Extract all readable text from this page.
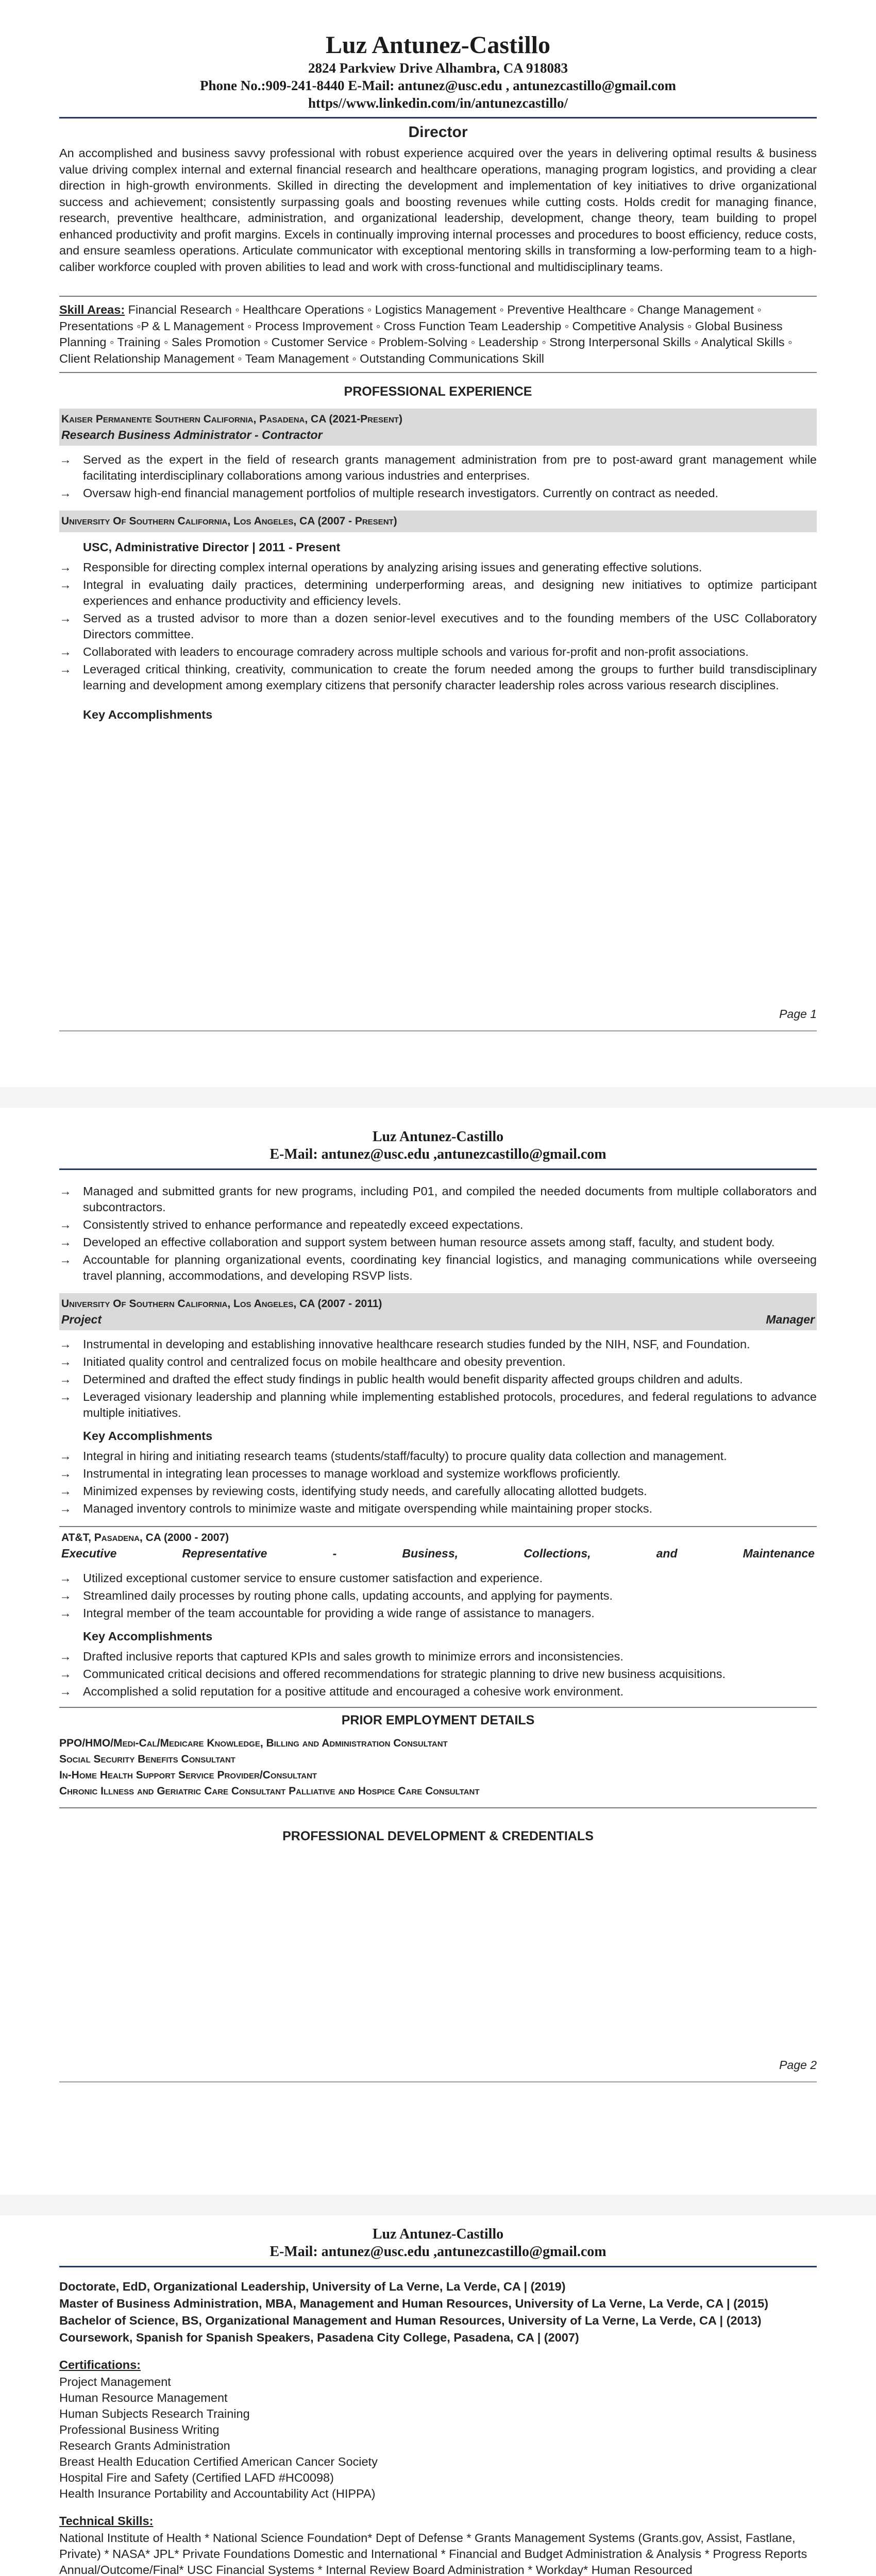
Luz Antunez-Castillo

2824 Parkview Drive Alhambra, CA 918083

Phone No.:909-241-8440 E-Mail: antunez@usc.edu , antunezcastillo@gmail.com

https//www.linkedin.com/in/antunezcastillo/

Director

An accomplished and business savvy professional with robust experience acquired over the years in delivering optimal results & business value driving complex internal and external financial research and healthcare operations, managing program logistics, and providing a clear direction in high-growth environments. Skilled in directing the development and implementation of key initiatives to drive organizational success and achievement; consistently surpassing goals and boosting revenues while cutting costs. Holds credit for managing finance, research, preventive healthcare, administration, and organizational leadership, development, change theory, team building to propel enhanced productivity and profit margins. Excels in continually improving internal processes and procedures to boost efficiency, reduce costs, and ensure seamless operations. Articulate communicator with exceptional mentoring skills in transforming a low-performing team to a high-caliber workforce coupled with proven abilities to lead and work with cross-functional and multidisciplinary teams.

Skill Areas: Financial Research ◦ Healthcare Operations ◦ Logistics Management ◦ Preventive Healthcare ◦ Change Management ◦ Presentations ◦P & L Management ◦ Process Improvement ◦ Cross Function Team Leadership ◦ Competitive Analysis ◦ Global Business Planning ◦ Training ◦ Sales Promotion ◦ Customer Service ◦ Problem-Solving ◦ Leadership ◦ Strong Interpersonal Skills ◦ Analytical Skills ◦ Client Relationship Management ◦ Team Management ◦ Outstanding Communications Skill

PROFESSIONAL EXPERIENCE
Kaiser Permanente Southern California, Pasadena, CA (2021-Present)
Research Business Administrator - Contractor
→ Served as the expert in the field of research grants management administration from pre to post-award grant management while facilitating interdisciplinary collaborations among various industries and enterprises.
→ Oversaw high-end financial management portfolios of multiple research investigators. Currently on contract as needed.
University Of Southern California, Los Angeles, CA (2007 - Present)
USC, Administrative Director | 2011 - Present
→ Responsible for directing complex internal operations by analyzing arising issues and generating effective solutions.
→ Integral in evaluating daily practices, determining underperforming areas, and designing new initiatives to optimize participant experiences and enhance productivity and efficiency levels.
→ Served as a trusted advisor to more than a dozen senior-level executives and to the founding members of the USC Collaboratory Directors committee.
→ Collaborated with leaders to encourage comradery across multiple schools and various for-profit and non-profit associations.
→ Leveraged critical thinking, creativity, communication to create the forum needed among the groups to further build transdisciplinary learning and development among exemplary citizens that personify character leadership roles across various research disciplines.
Key Accomplishments
Page 1
Luz Antunez-Castillo

E-Mail: antunez@usc.edu ,antunezcastillo@gmail.com

→ Managed and submitted grants for new programs, including P01, and compiled the needed documents from multiple collaborators and subcontractors.
→ Consistently strived to enhance performance and repeatedly exceed expectations.
→ Developed an effective collaboration and support system between human resource assets among staff, faculty, and student body.
→ Accountable for planning organizational events, coordinating key financial logistics, and managing communications while overseeing travel planning, accommodations, and developing RSVP lists.
University Of Southern California, Los Angeles, CA (2007 - 2011)
Project	Manager
→ Instrumental in developing and establishing innovative healthcare research studies funded by the NIH, NSF, and Foundation.
→ Initiated quality control and centralized focus on mobile healthcare and obesity prevention.
→ Determined and drafted the effect study findings in public health would benefit disparity affected groups children and adults.
→ Leveraged visionary leadership and planning while implementing established protocols, procedures, and federal regulations to advance multiple initiatives.
Key Accomplishments
→ Integral in hiring and initiating research teams (students/staff/faculty) to procure quality data collection and management.
→ Instrumental in integrating lean processes to manage workload and systemize workflows proficiently.
→ Minimized expenses by reviewing costs, identifying study needs, and carefully allocating allotted budgets.
→ Managed inventory controls to minimize waste and mitigate overspending while maintaining proper stocks.
AT&T, Pasadena, CA (2000 - 2007)
Executive	Representative	-	Business,	Collections,	and	Maintenance
→ Utilized exceptional customer service to ensure customer satisfaction and experience.
→ Streamlined daily processes by routing phone calls, updating accounts, and applying for payments.
→ Integral member of the team accountable for providing a wide range of assistance to managers.
Key Accomplishments
→ Drafted inclusive reports that captured KPIs and sales growth to minimize errors and inconsistencies.
→ Communicated critical decisions and offered recommendations for strategic planning to drive new business acquisitions.
→ Accomplished a solid reputation for a positive attitude and encouraged a cohesive work environment.
PRIOR EMPLOYMENT DETAILS

PPO/HMO/Medi-Cal/Medicare Knowledge, Billing and Administration Consultant

Social Security Benefits Consultant

In-Home Health Support Service Provider/Consultant

Chronic Illness and Geriatric Care Consultant Palliative and Hospice Care Consultant

PROFESSIONAL DEVELOPMENT & CREDENTIALS
Page 2
Luz Antunez-Castillo

E-Mail: antunez@usc.edu ,antunezcastillo@gmail.com

Doctorate, EdD, Organizational Leadership, University of La Verne, La Verde, CA | (2019)

Master of Business Administration, MBA, Management and Human Resources, University of La Verne, La Verde, CA | (2015)

Bachelor of Science, BS, Organizational Management and Human Resources, University of La Verne, La Verde, CA | (2013)

Coursework, Spanish for Spanish Speakers, Pasadena City College, Pasadena, CA | (2007)

Certifications:

Project Management

Human Resource Management

Human Subjects Research Training

Professional Business Writing

Research Grants Administration

Breast Health Education Certified American Cancer Society

Hospital Fire and Safety (Certified LAFD #HC0098)

Health Insurance Portability and Accountability Act (HIPPA)

Technical Skills:

National Institute of Health * National Science Foundation* Dept of Defense * Grants Management Systems (Grants.gov, Assist, Fastlane, Private) * NASA* JPL* Private Foundations Domestic and International * Financial and Budget Administration & Analysis * Progress Reports Annual/Outcome/Final* USC Financial Systems * Internal Review Board Administration * Workday* Human Resourced
